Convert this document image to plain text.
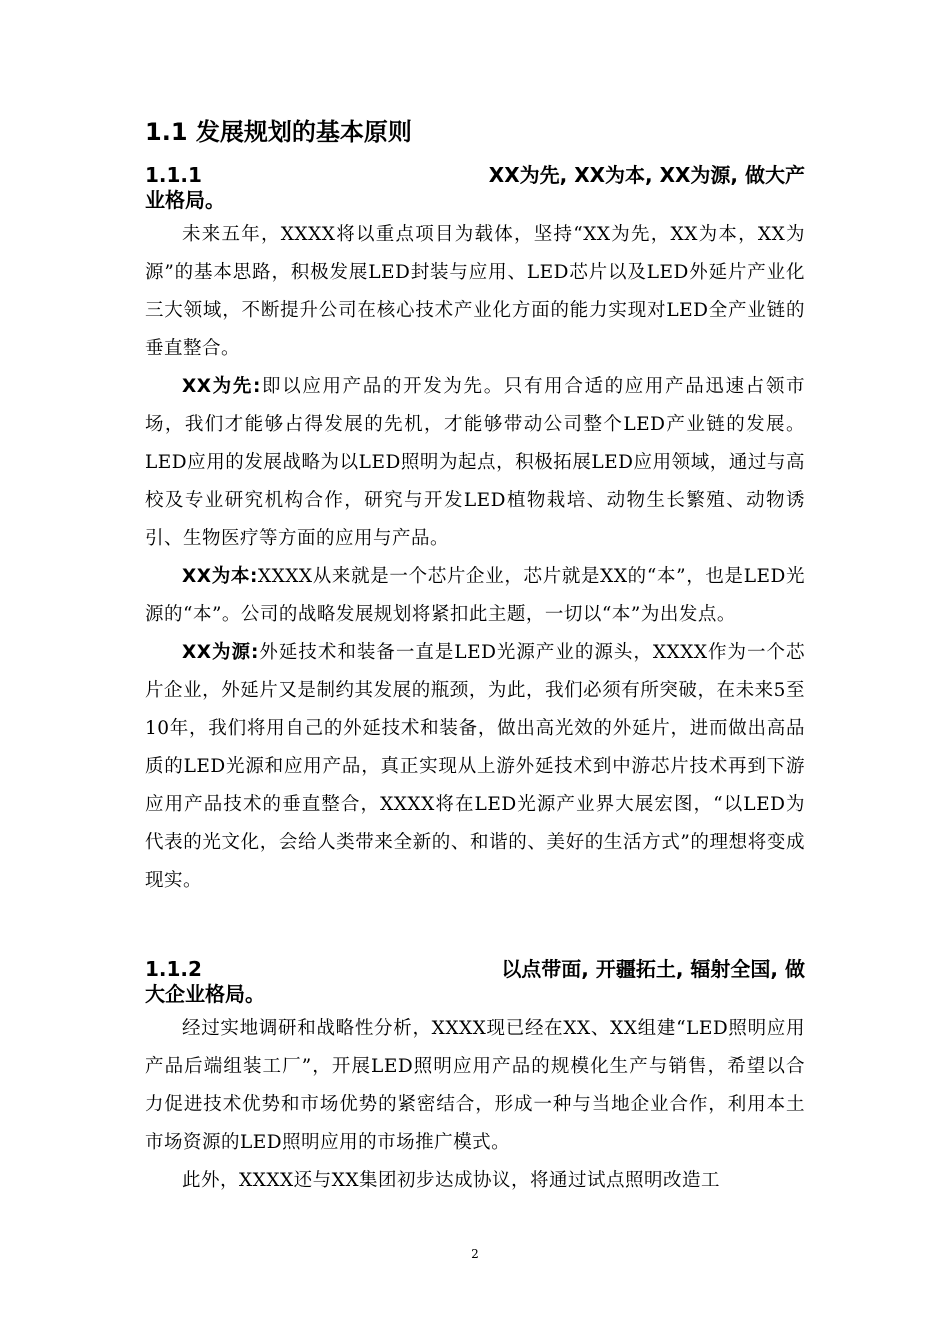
1.1 发展规划的基本原则
1.1.1	XX为先, XX为本, XX为源, 做大产
业格局。

未来五年，XXXX将以重点项目为载体，坚持“XX为先，XX为本，XX为源”的基本思路，积极发展LED封装与应用、LED芯片以及LED外延片产业化三大领域，不断提升公司在核心技术产业化方面的能力实现对LED全产业链的垂直整合。

XX为先:即以应用产品的开发为先。只有用合适的应用产品迅速占领市场，我们才能够占得发展的先机，才能够带动公司整个LED产业链的发展。LED应用的发展战略为以LED照明为起点，积极拓展LED应用领域，通过与高校及专业研究机构合作，研究与开发LED植物栽培、动物生长繁殖、动物诱引、生物医疗等方面的应用与产品。

XX为本:XXXX从来就是一个芯片企业，芯片就是XX的“本”，也是LED光源的“本”。公司的战略发展规划将紧扣此主题，一切以“本”为出发点。

XX为源:外延技术和装备一直是LED光源产业的源头，XXXX作为一个芯片企业，外延片又是制约其发展的瓶颈，为此，我们必须有所突破，在未来5至10年，我们将用自己的外延技术和装备，做出高光效的外延片，进而做出高品质的LED光源和应用产品，真正实现从上游外延技术到中游芯片技术再到下游应用产品技术的垂直整合，XXXX将在LED光源产业界大展宏图，“以LED为代表的光文化，会给人类带来全新的、和谐的、美好的生活方式”的理想将变成现实。

1.1.2	以点带面, 开疆拓土, 辐射全国, 做
大企业格局。

经过实地调研和战略性分析，XXXX现已经在XX、XX组建“LED照明应用产品后端组装工厂”，开展LED照明应用产品的规模化生产与销售，希望以合力促进技术优势和市场优势的紧密结合，形成一种与当地企业合作，利用本土市场资源的LED照明应用的市场推广模式。

此外，XXXX还与XX集团初步达成协议，将通过试点照明改造工

2
